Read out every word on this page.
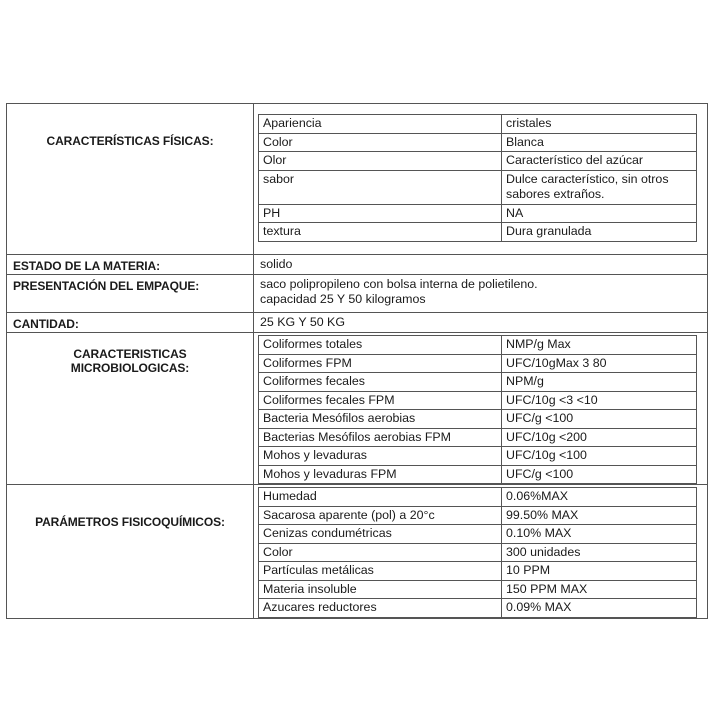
CARACTERÍSTICAS FÍSICAS:	
Apariencia	cristales
Color	Blanca
Olor	Característico del azúcar
sabor	Dulce característico, sin otros sabores extraños.
PH	NA
textura	Dura granulada

ESTADO DE LA MATERIA:	solido
PRESENTACIÓN DEL EMPAQUE:	saco polipropileno con bolsa interna de polietileno.
capacidad 25 Y 50 kilogramos

CANTIDAD:	25 KG Y 50 KG

CARACTERISTICAS
MICROBIOLOGICAS:

Coliformes totales	NMP/g Max
Coliformes FPM	UFC/10gMax 3 80
Coliformes fecales	NPM/g
Coliformes fecales FPM	UFC/10g <3 <10
Bacteria Mesófilos aerobias	UFC/g <100
Bacterias Mesófilos aerobias FPM	UFC/10g <200
Mohos y levaduras	UFC/10g <100
Mohos y levaduras FPM	UFC/g <100

PARÁMETROS FISICOQUÍMICOS:	
Humedad	0.06%MAX
Sacarosa aparente (pol) a 20°c	99.50% MAX
Cenizas condumétricas	0.10% MAX
Color	300 unidades
Partículas metálicas	10 PPM
Materia insoluble	150 PPM MAX
Azucares reductores	0.09% MAX
